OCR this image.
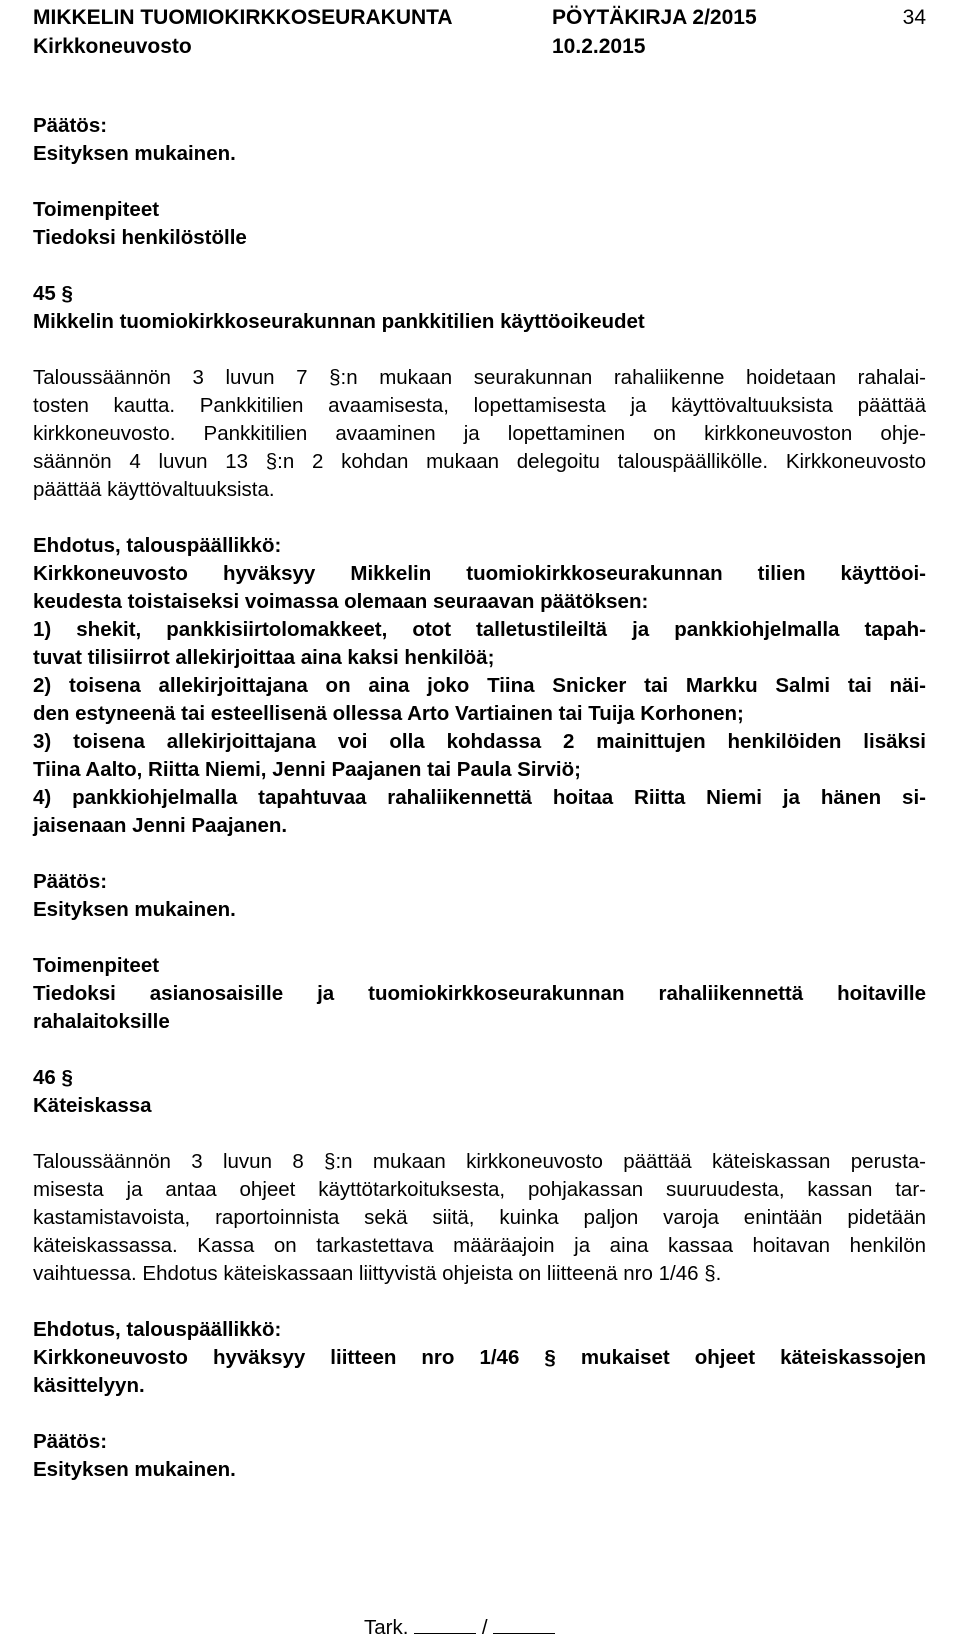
MIKKELIN TUOMIOKIRKKOSEURAKUNTA	PÖYTÄKIRJA 2/2015	34
Kirkkoneuvosto	10.2.2015
Päätös:
Esityksen mukainen.
Toimenpiteet
Tiedoksi henkilöstölle
45 §
Mikkelin tuomiokirkkoseurakunnan pankkitilien käyttöoikeudet
Taloussäännön 3 luvun 7 §:n mukaan seurakunnan rahaliikenne hoidetaan rahalai-
tosten kautta. Pankkitilien avaamisesta, lopettamisesta ja käyttövaltuuksista päättää
kirkkoneuvosto. Pankkitilien avaaminen ja lopettaminen on kirkkoneuvoston ohje-
säännön 4 luvun 13 §:n 2 kohdan mukaan delegoitu talouspäällikölle. Kirkkoneuvosto
päättää käyttövaltuuksista.
Ehdotus, talouspäällikkö:
Kirkkoneuvosto hyväksyy Mikkelin tuomiokirkkoseurakunnan tilien käyttöoi-
keudesta toistaiseksi voimassa olemaan seuraavan päätöksen:
1) shekit, pankkisiirtolomakkeet, otot talletustileiltä ja pankkiohjelmalla tapah-
tuvat tilisiirrot allekirjoittaa aina kaksi henkilöä;
2) toisena allekirjoittajana on aina joko Tiina Snicker tai Markku Salmi tai näi-
den estyneenä tai esteellisenä ollessa Arto Vartiainen tai Tuija Korhonen;
3) toisena allekirjoittajana voi olla kohdassa 2 mainittujen henkilöiden lisäksi
Tiina Aalto, Riitta Niemi, Jenni Paajanen tai Paula Sirviö;
4) pankkiohjelmalla tapahtuvaa rahaliikennettä hoitaa Riitta Niemi ja hänen si-
jaisenaan Jenni Paajanen.
Päätös:
Esityksen mukainen.
Toimenpiteet
Tiedoksi asianosaisille ja tuomiokirkkoseurakunnan rahaliikennettä hoitaville
rahalaitoksille
46 §
Käteiskassa
Taloussäännön 3 luvun 8 §:n mukaan kirkkoneuvosto päättää käteiskassan perusta-
misesta ja antaa ohjeet käyttötarkoituksesta, pohjakassan suuruudesta, kassan tar-
kastamistavoista, raportoinnista sekä siitä, kuinka paljon varoja enintään pidetään
käteiskassassa. Kassa on tarkastettava määräajoin ja aina kassaa hoitavan henkilön
vaihtuessa. Ehdotus käteiskassaan liittyvistä ohjeista on liitteenä nro 1/46 §.
Ehdotus, talouspäällikkö:
Kirkkoneuvosto hyväksyy liitteen nro 1/46 § mukaiset ohjeet käteiskassojen
käsittelyyn.
Päätös:
Esityksen mukainen.
Tark.	/
